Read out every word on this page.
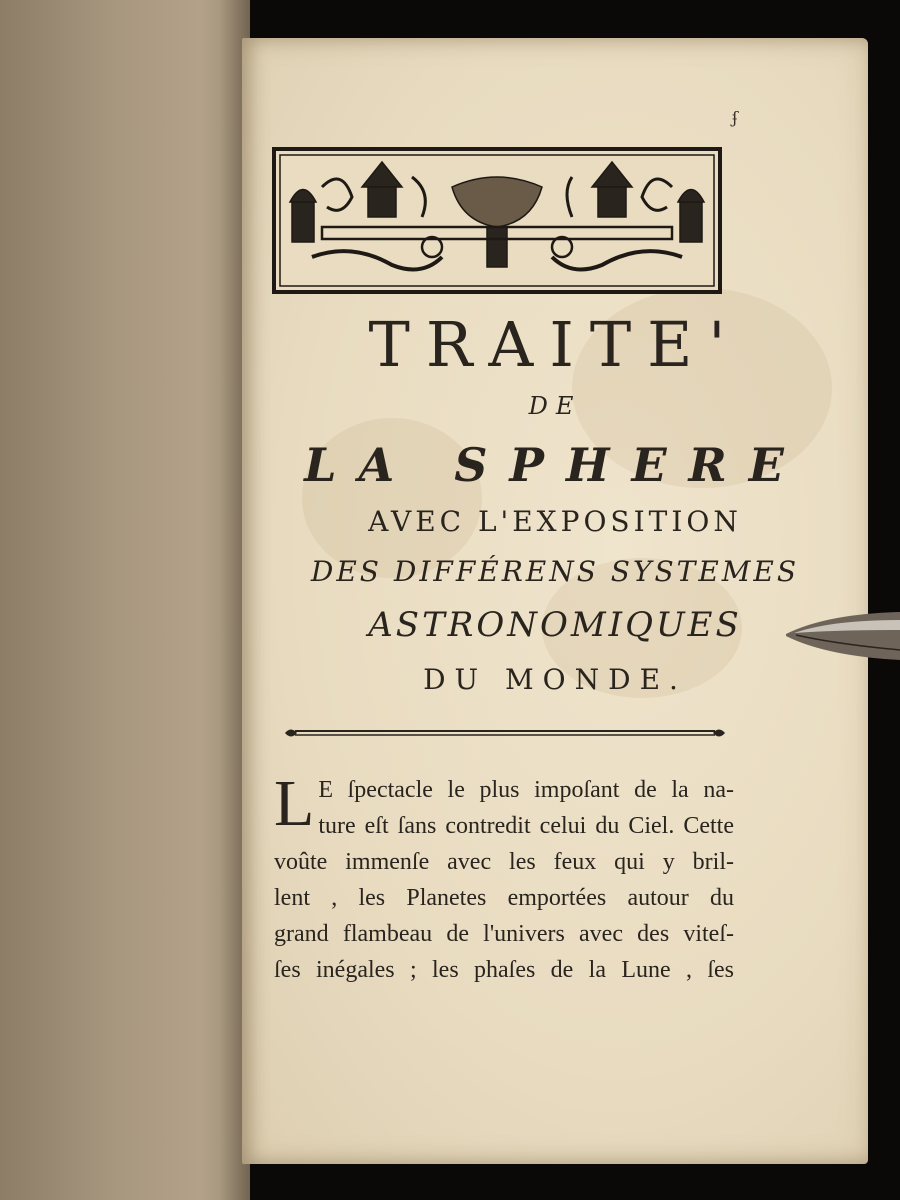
TRAITE'
DE
LA SPHERE
AVEC L'EXPOSITION
DES DIFFÉRENS SYSTEMES
ASTRONOMIQUES
DU MONDE.
L E ſpectacle le plus impoſant de la na-
ture eſt ſans contredit celui du Ciel. Cette
voûte immenſe avec les feux qui y bril-
lent , les Planetes emportées autour du
grand flambeau de l'univers avec des viteſ-
ſes inégales ; les phaſes de la Lune , ſes
ʄ
